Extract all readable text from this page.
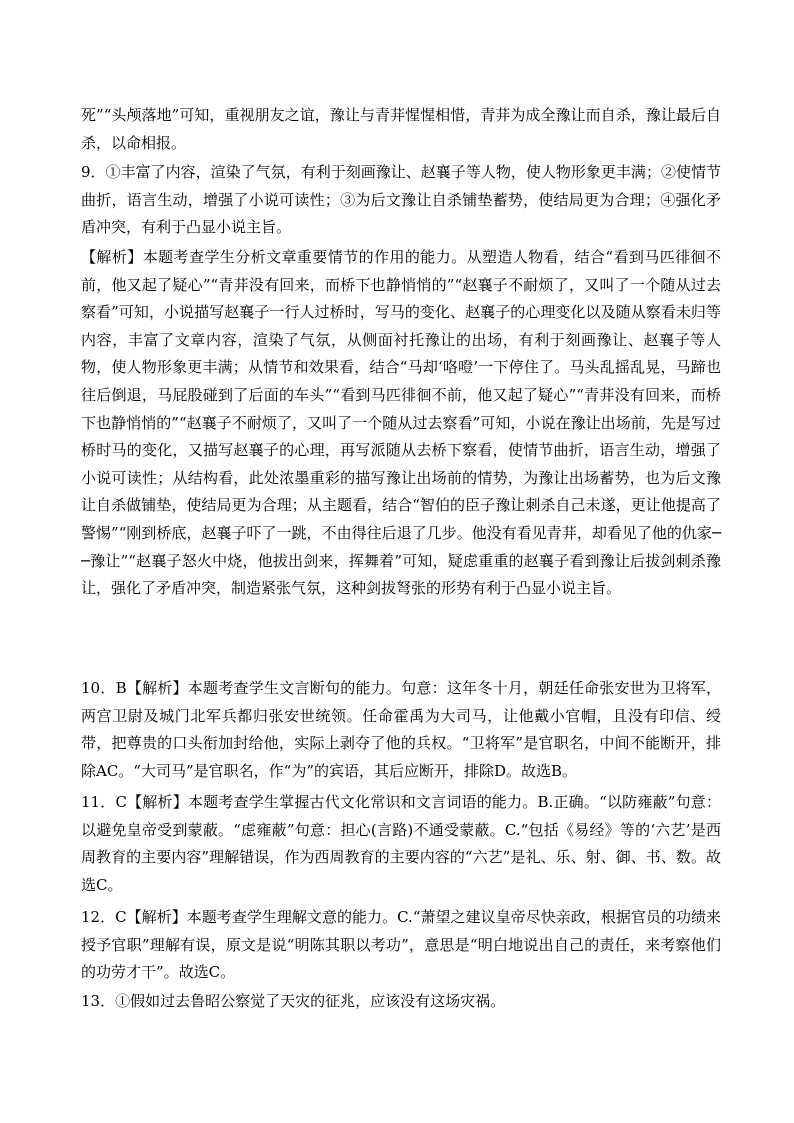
死”“头颅落地”可知，重视朋友之谊，豫让与青荓惺惺相惜，青荓为成全豫让而自杀，豫让最后自杀，以命相报。

9．①丰富了内容，渲染了气氛，有利于刻画豫让、赵襄子等人物，使人物形象更丰满；②使情节曲折，语言生动，增强了小说可读性；③为后文豫让自杀铺垫蓄势，使结局更为合理；④强化矛盾冲突，有利于凸显小说主旨。

【解析】本题考查学生分析文章重要情节的作用的能力。从塑造人物看，结合“看到马匹徘徊不前，他又起了疑心”“青荓没有回来，而桥下也静悄悄的”“赵襄子不耐烦了，又叫了一个随从过去察看”可知，小说描写赵襄子一行人过桥时，写马的变化、赵襄子的心理变化以及随从察看未归等内容，丰富了文章内容，渲染了气氛，从侧面衬托豫让的出场，有利于刻画豫让、赵襄子等人物，使人物形象更丰满；从情节和效果看，结合“马却‘咯噔’一下停住了。马头乱摇乱晃，马蹄也往后倒退，马屁股碰到了后面的车头”“看到马匹徘徊不前，他又起了疑心”“青荓没有回来，而桥下也静悄悄的”“赵襄子不耐烦了，又叫了一个随从过去察看”可知，小说在豫让出场前，先是写过桥时马的变化，又描写赵襄子的心理，再写派随从去桥下察看，使情节曲折，语言生动，增强了小说可读性；从结构看，此处浓墨重彩的描写豫让出场前的情势，为豫让出场蓄势，也为后文豫让自杀做铺垫，使结局更为合理；从主题看，结合“智伯的臣子豫让刺杀自己未遂，更让他提高了警惕”“刚到桥底，赵襄子吓了一跳，不由得往后退了几步。他没有看见青荓，却看见了他的仇家──豫让”“赵襄子怒火中烧，他拔出剑来，挥舞着”可知，疑虑重重的赵襄子看到豫让后拔剑刺杀豫让，强化了矛盾冲突，制造紧张气氛，这种剑拔弩张的形势有利于凸显小说主旨。

10．B【解析】本题考查学生文言断句的能力。句意：这年冬十月，朝廷任命张安世为卫将军，两宫卫尉及城门北军兵都归张安世统领。任命霍禹为大司马，让他戴小官帽，且没有印信、绶带，把尊贵的口头衔加封给他，实际上剥夺了他的兵权。“卫将军”是官职名，中间不能断开，排除AC。“大司马”是官职名，作“为”的宾语，其后应断开，排除D。故选B。

11．C【解析】本题考查学生掌握古代文化常识和文言词语的能力。B.正确。“以防雍蔽”句意：以避免皇帝受到蒙蔽。“虑雍蔽”句意：担心(言路)不通受蒙蔽。C.“包括《易经》等的‘六艺’是西周教育的主要内容”理解错误，作为西周教育的主要内容的“六艺”是礼、乐、射、御、书、数。故选C。

12．C【解析】本题考查学生理解文意的能力。C.“萧望之建议皇帝尽快亲政，根据官员的功绩来授予官职”理解有误，原文是说“明陈其职以考功”，意思是“明白地说出自己的责任，来考察他们的功劳才干”。故选C。

13．①假如过去鲁昭公察觉了天灾的征兆，应该没有这场灾祸。
